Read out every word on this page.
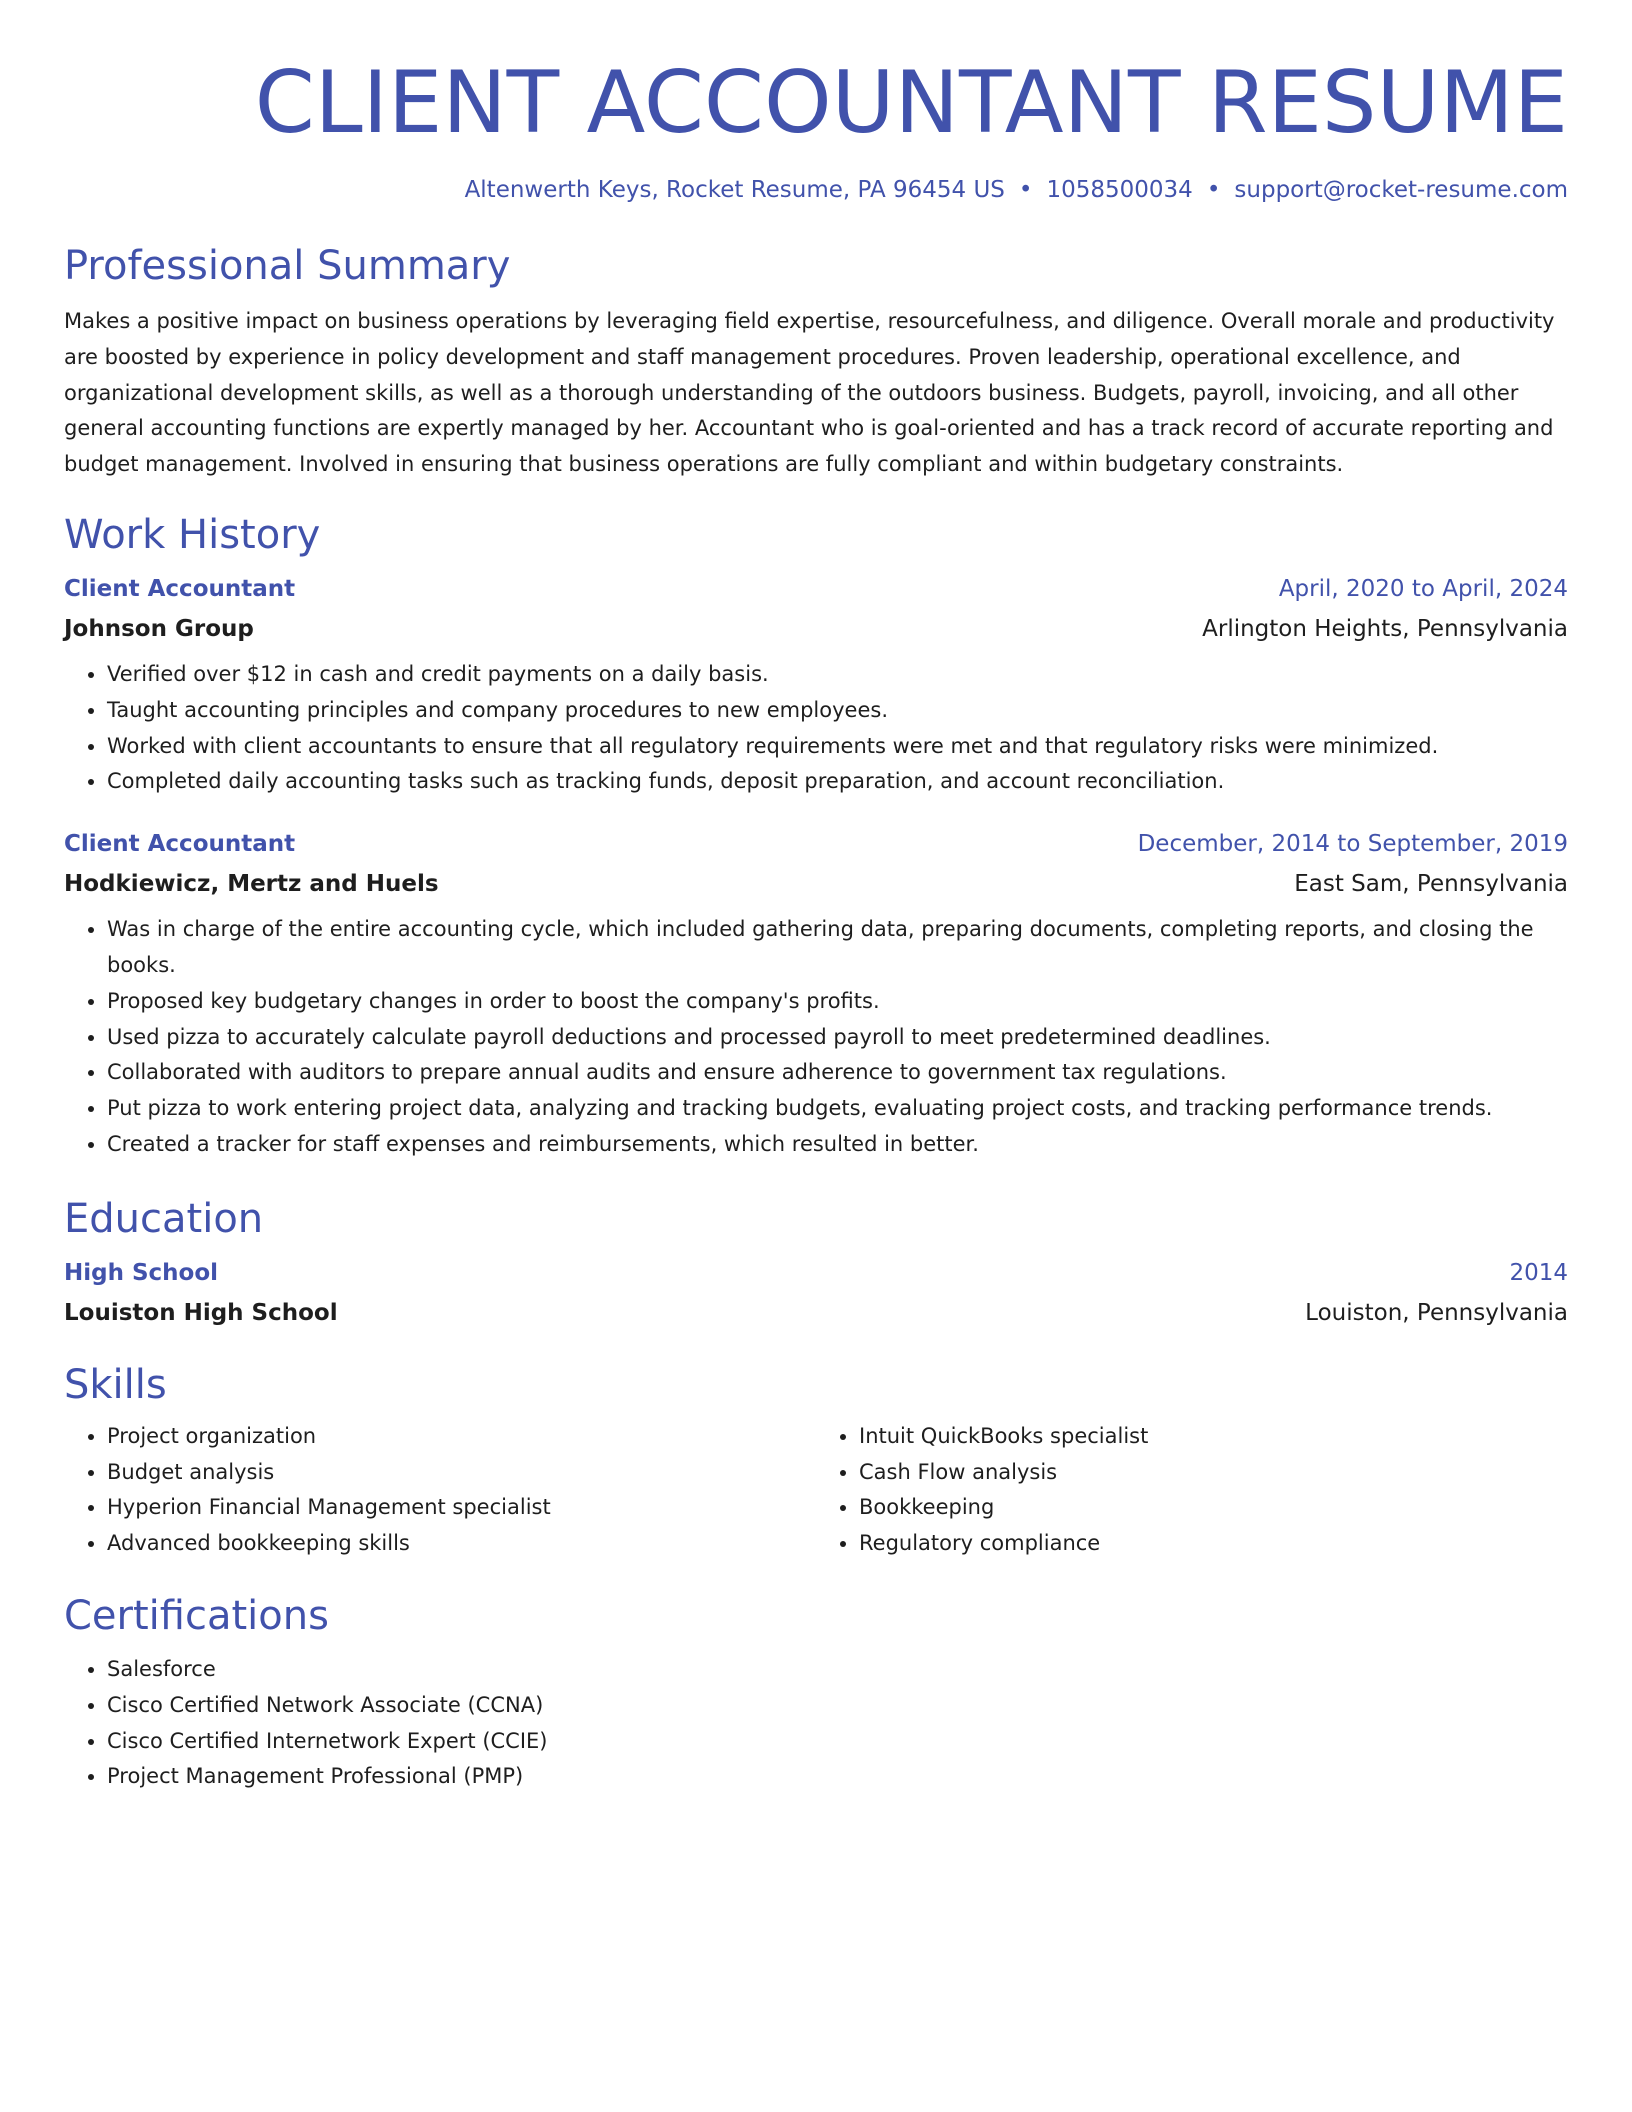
CLIENT ACCOUNTANT RESUME
Altenwerth Keys, Rocket Resume, PA 96454 US • 1058500034 • support@rocket-resume.com
Professional Summary

Makes a positive impact on business operations by leveraging field expertise, resourcefulness, and diligence. Overall morale and productivity are boosted by experience in policy development and staff management procedures. Proven leadership, operational excellence, and organizational development skills, as well as a thorough understanding of the outdoors business. Budgets, payroll, invoicing, and all other general accounting functions are expertly managed by her. Accountant who is goal-oriented and has a track record of accurate reporting and budget management. Involved in ensuring that business operations are fully compliant and within budgetary constraints.

Work History
Client Accountant	April, 2020 to April, 2024
Johnson Group	Arlington Heights, Pennsylvania
• Verified over $12 in cash and credit payments on a daily basis.
• Taught accounting principles and company procedures to new employees.
• Worked with client accountants to ensure that all regulatory requirements were met and that regulatory risks were minimized.
• Completed daily accounting tasks such as tracking funds, deposit preparation, and account reconciliation.
Client Accountant	December, 2014 to September, 2019
Hodkiewicz, Mertz and Huels	East Sam, Pennsylvania
• Was in charge of the entire accounting cycle, which included gathering data, preparing documents, completing reports, and closing the books.
• Proposed key budgetary changes in order to boost the company's profits.
• Used pizza to accurately calculate payroll deductions and processed payroll to meet predetermined deadlines.
• Collaborated with auditors to prepare annual audits and ensure adherence to government tax regulations.
• Put pizza to work entering project data, analyzing and tracking budgets, evaluating project costs, and tracking performance trends.
• Created a tracker for staff expenses and reimbursements, which resulted in better.
Education
High School	2014
Louiston High School	Louiston, Pennsylvania
Skills
• Project organization
• Budget analysis
• Hyperion Financial Management specialist
• Advanced bookkeeping skills
• Intuit QuickBooks specialist
• Cash Flow analysis
• Bookkeeping
• Regulatory compliance
Certifications
• Salesforce
• Cisco Certified Network Associate (CCNA)
• Cisco Certified Internetwork Expert (CCIE)
• Project Management Professional (PMP)
